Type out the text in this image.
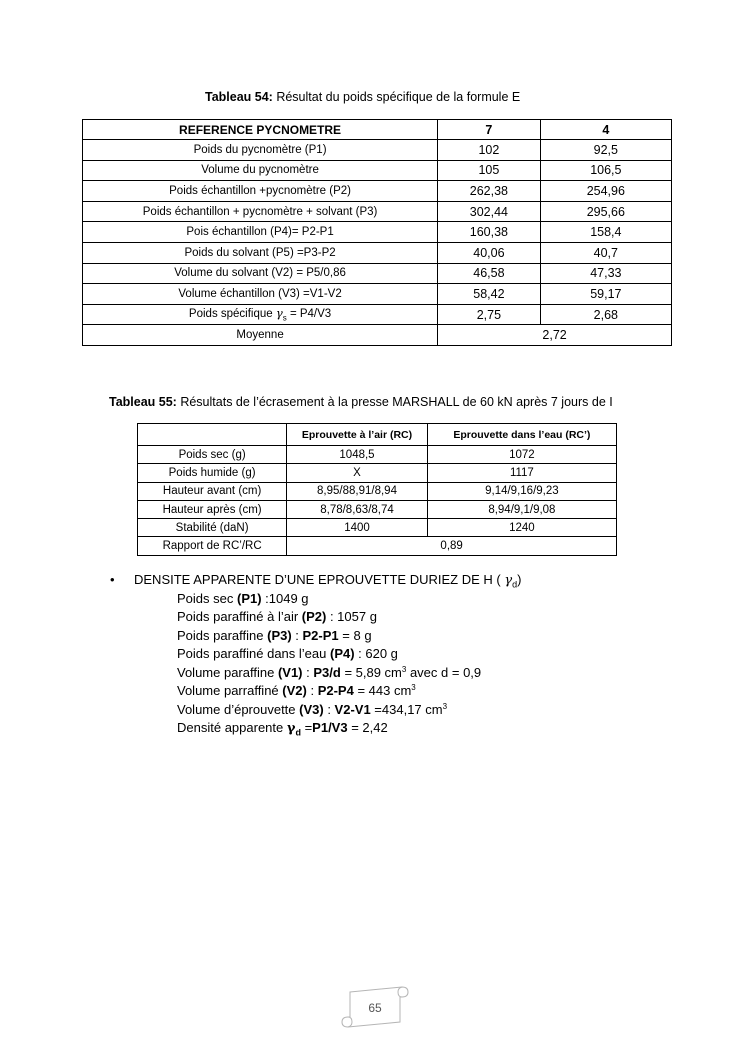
Tableau 54: Résultat du poids spécifique de la formule E
REFERENCE PYCNOMETRE	7	4
Poids du pycnomètre (P1)	102	92,5
Volume du pycnomètre	105	106,5
Poids échantillon +pycnomètre (P2)	262,38	254,96
Poids échantillon + pycnomètre + solvant (P3)	302,44	295,66
Pois échantillon (P4)= P2-P1	160,38	158,4
Poids du solvant (P5) =P3-P2	40,06	40,7
Volume du solvant (V2) = P5/0,86	46,58	47,33
Volume échantillon (V3) =V1-V2	58,42	59,17
Poids spécifique $\gamma_s = P4/V3$	2,75	2,68
Moyenne	2,72	
Tableau 55: Résultats de l’écrasement à la presse MARSHALL de 60 kN après 7 jours de I
	Eprouvette à l’air (RC)	Eprouvette dans l’eau (RC’)
Poids sec (g)	1048,5	1072
Poids humide (g)	X	1117
Hauteur avant (cm)	8,95/88,91/8,94	9,14/9,16/9,23
Hauteur après (cm)	8,78/8,63/8,74	8,94/9,1/9,08
Stabilité (daN)	1400	1240
Rapport de RC’/RC	0,89	
• DENSITE APPARENTE D’UNE EPROUVETTE DURIEZ DE H ( $\gamma_d$)
Poids sec (P1) :1049 g
Poids paraffiné à l’air (P2) : 1057 g
Poids paraffine (P3) : P2-P1 = 8 g
Poids paraffiné dans l’eau (P4) : 620 g
Volume paraffine (V1) : P3/d = 5,89 $cm^3$ avec d = 0,9
Volume parraffiné (V2) : P2-P4 = 443 $cm^3$
Volume d’éprouvette (V3) : V2-V1 =434,17 $cm^3$
Densité apparente $\gamma_d =P1/V3 = 2,42$
65
